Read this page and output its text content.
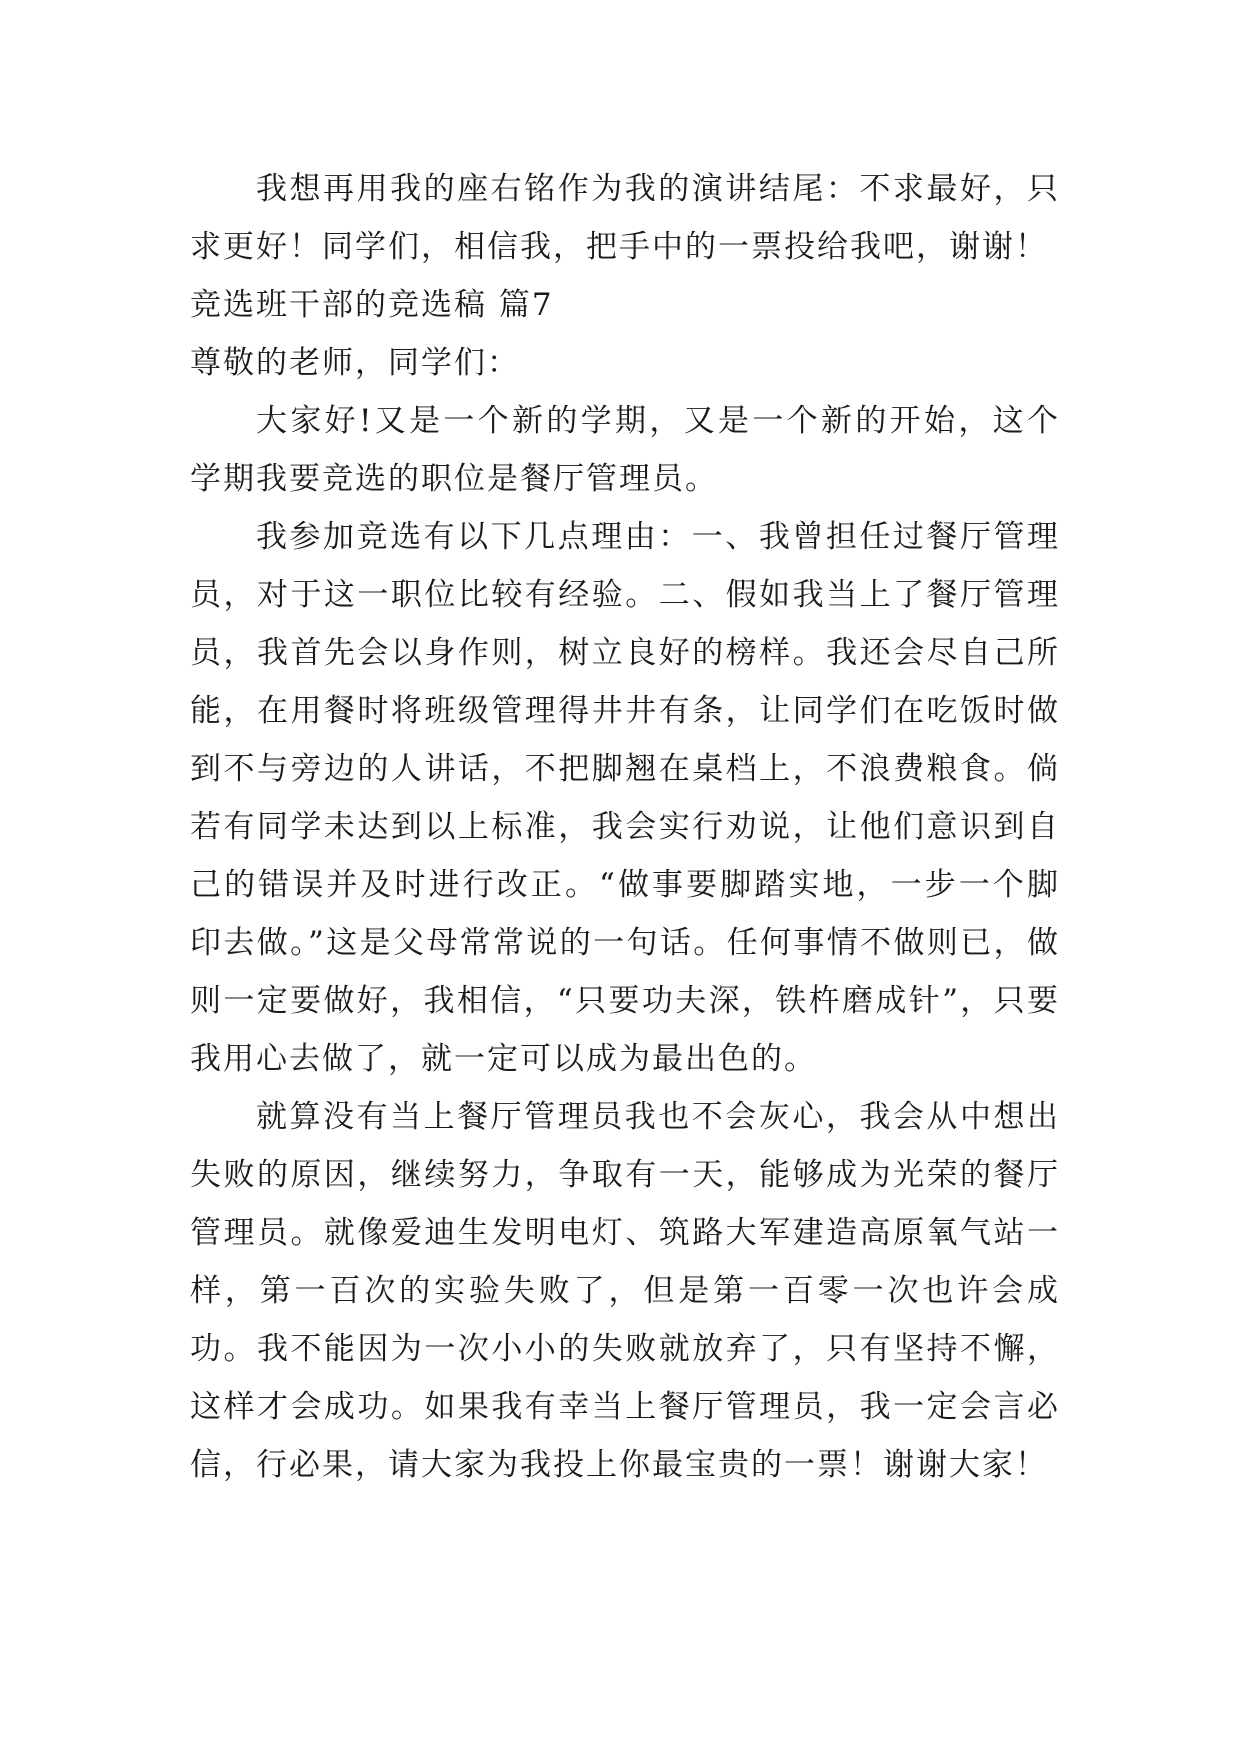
我想再用我的座右铭作为我的演讲结尾：不求最好，只求更好！同学们，相信我，把手中的一票投给我吧，谢谢！

竞选班干部的竞选稿 篇7

尊敬的老师，同学们：

大家好!又是一个新的学期，又是一个新的开始，这个学期我要竞选的职位是餐厅管理员。

我参加竞选有以下几点理由：一、我曾担任过餐厅管理员，对于这一职位比较有经验。二、假如我当上了餐厅管理员，我首先会以身作则，树立良好的榜样。我还会尽自己所能，在用餐时将班级管理得井井有条，让同学们在吃饭时做到不与旁边的人讲话，不把脚翘在桌档上，不浪费粮食。倘若有同学未达到以上标准，我会实行劝说，让他们意识到自己的错误并及时进行改正。“做事要脚踏实地，一步一个脚印去做。”这是父母常常说的一句话。任何事情不做则已，做则一定要做好，我相信，“只要功夫深，铁杵磨成针”，只要我用心去做了，就一定可以成为最出色的。

就算没有当上餐厅管理员我也不会灰心，我会从中想出失败的原因，继续努力，争取有一天，能够成为光荣的餐厅管理员。就像爱迪生发明电灯、筑路大军建造高原氧气站一样，第一百次的实验失败了，但是第一百零一次也许会成功。我不能因为一次小小的失败就放弃了，只有坚持不懈，这样才会成功。如果我有幸当上餐厅管理员，我一定会言必信，行必果，请大家为我投上你最宝贵的一票！谢谢大家！
